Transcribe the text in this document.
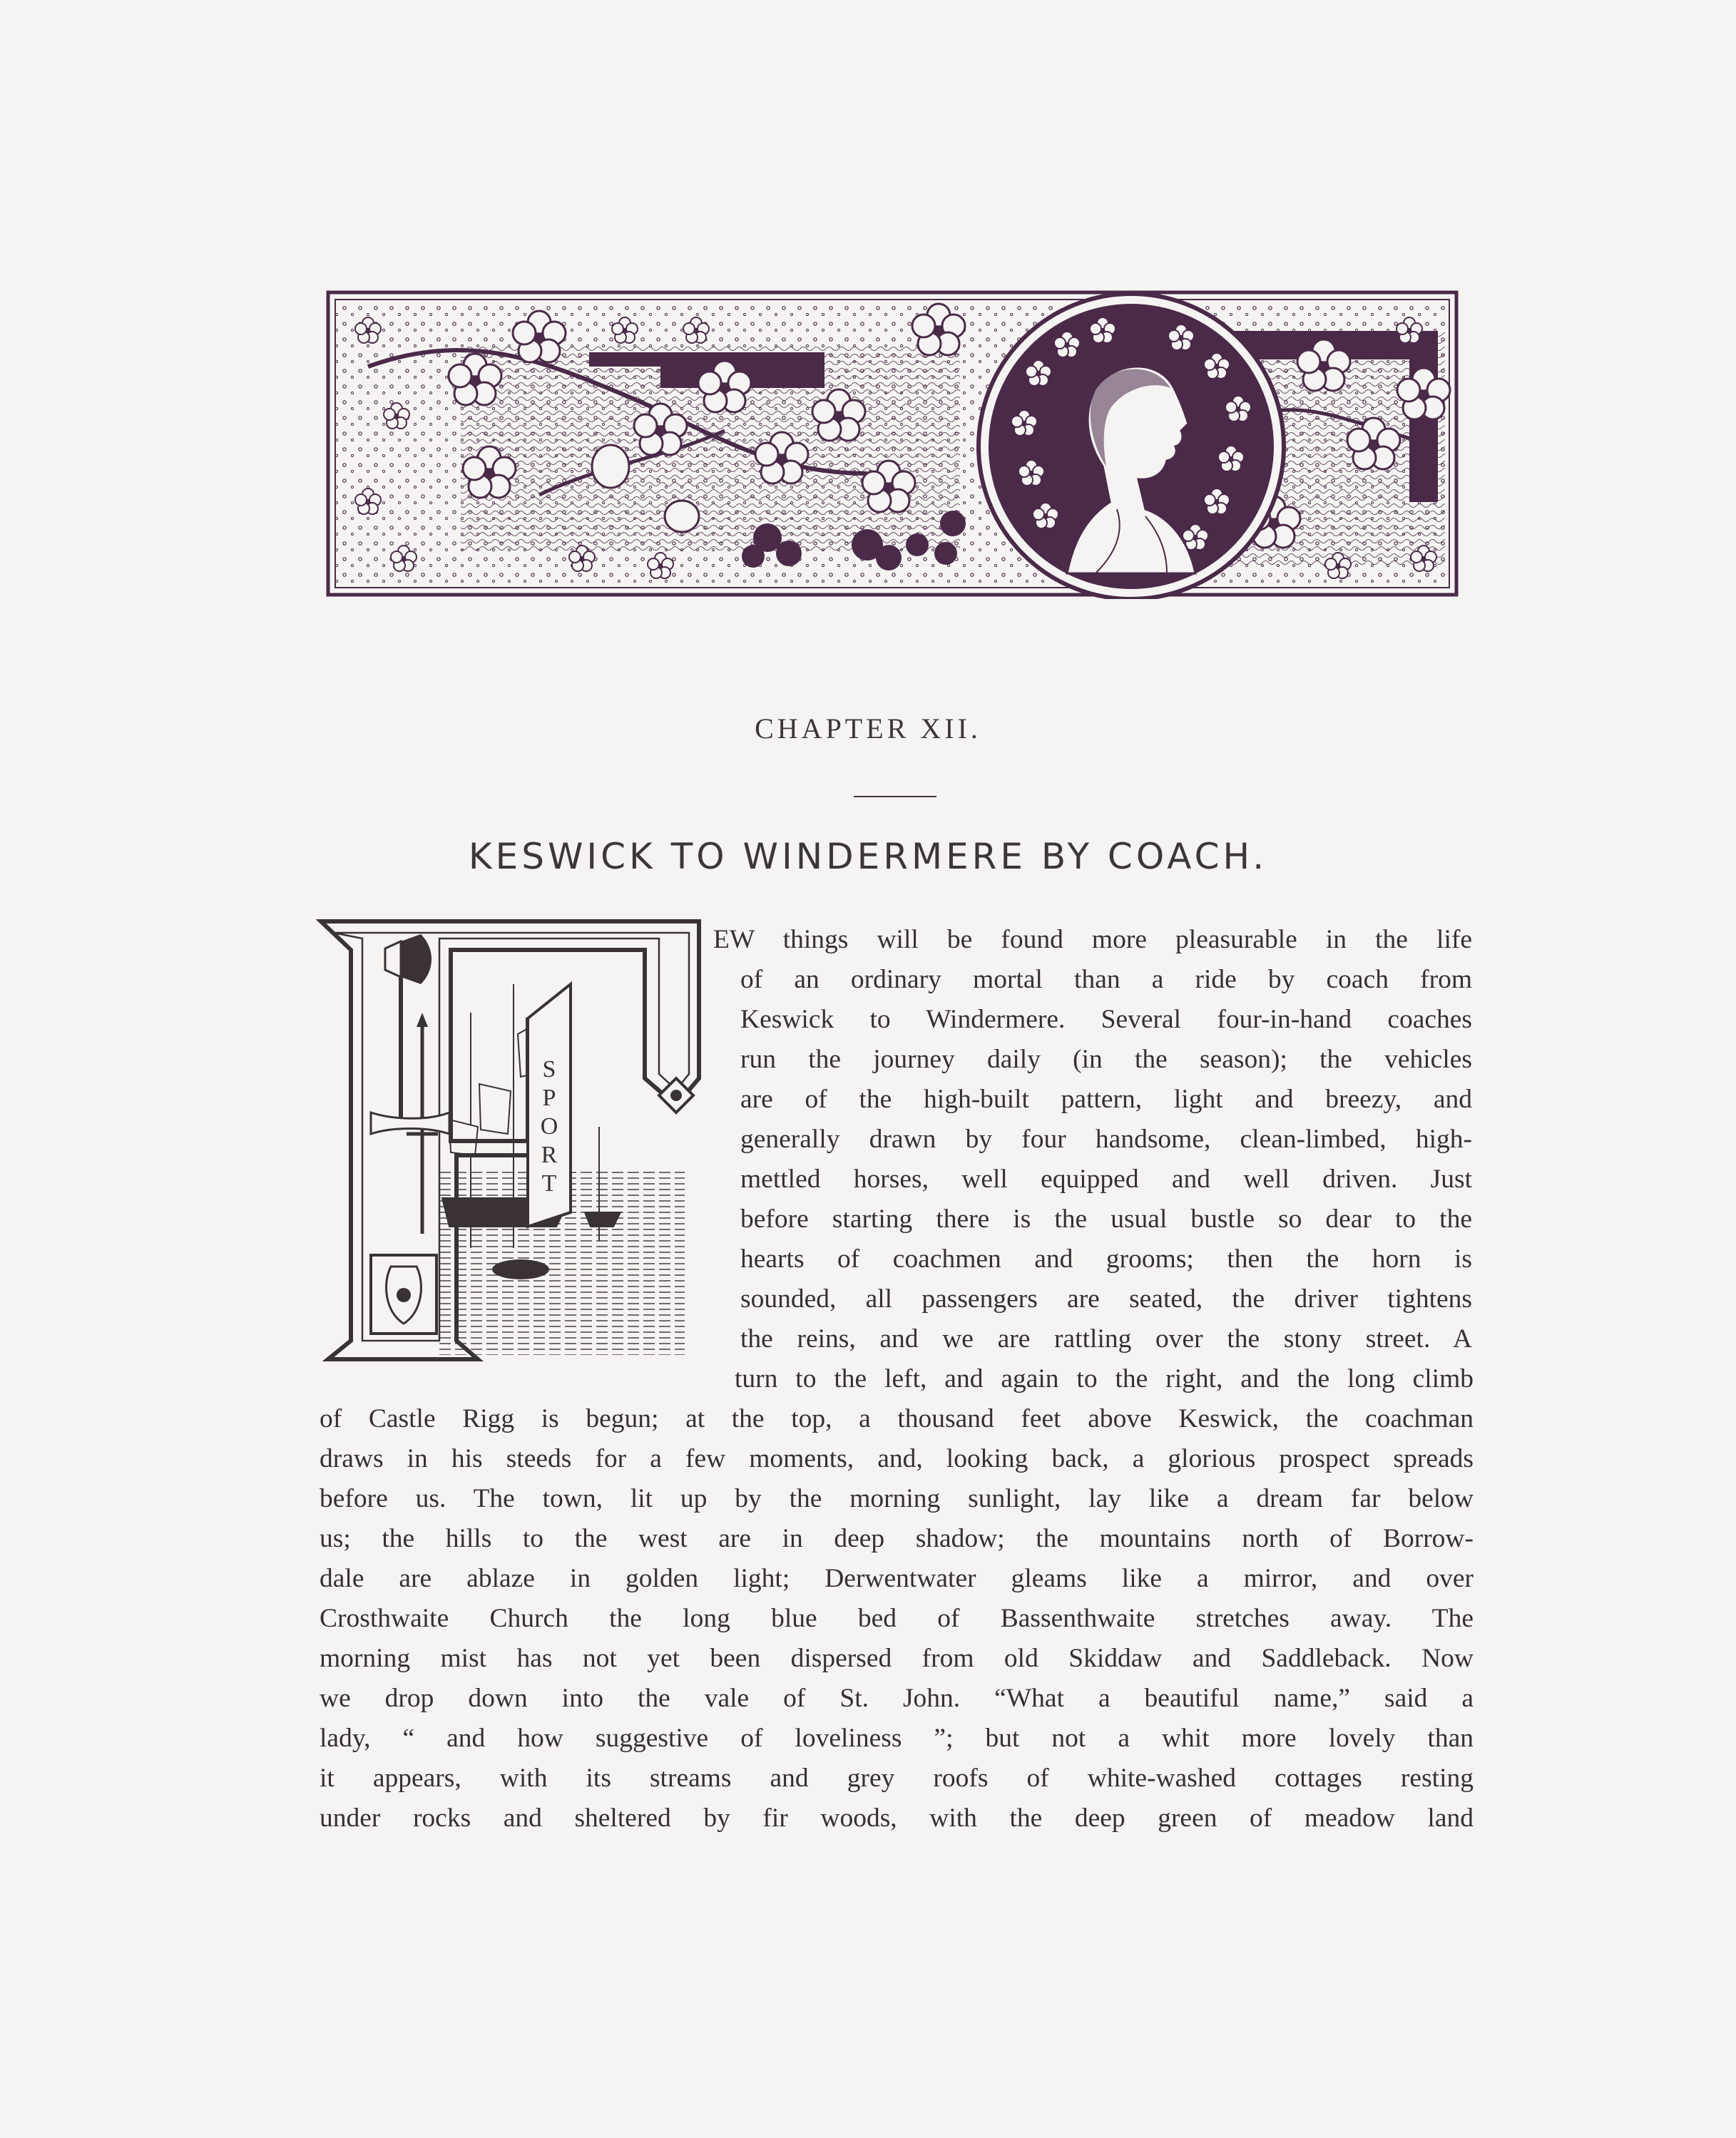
CHAPTER XII.
KESWICK TO WINDERMERE BY COACH.
S
P
O
R
T
EW things will be found more pleasurable in the life
of an ordinary mortal than a ride by coach from
Keswick to Windermere. Several four-in-hand coaches
run the journey daily (in the season); the vehicles
are of the high-built pattern, light and breezy, and
generally drawn by four handsome, clean-limbed, high-
mettled horses, well equipped and well driven. Just
before starting there is the usual bustle so dear to the
hearts of coachmen and grooms; then the horn is
sounded, all passengers are seated, the driver tightens
the reins, and we are rattling over the stony street. A
turn to the left, and again to the right, and the long climb
of Castle Rigg is begun; at the top, a thousand feet above Keswick, the coachman
draws in his steeds for a few moments, and, looking back, a glorious prospect spreads
before us. The town, lit up by the morning sunlight, lay like a dream far below
us; the hills to the west are in deep shadow; the mountains north of Borrow-
dale are ablaze in golden light; Derwentwater gleams like a mirror, and over
Crosthwaite Church the long blue bed of Bassenthwaite stretches away. The
morning mist has not yet been dispersed from old Skiddaw and Saddleback. Now
we drop down into the vale of St. John. “What a beautiful name,” said a
lady, “ and how suggestive of loveliness ”; but not a whit more lovely than
it appears, with its streams and grey roofs of white-washed cottages resting
under rocks and sheltered by fir woods, with the deep green of meadow land
